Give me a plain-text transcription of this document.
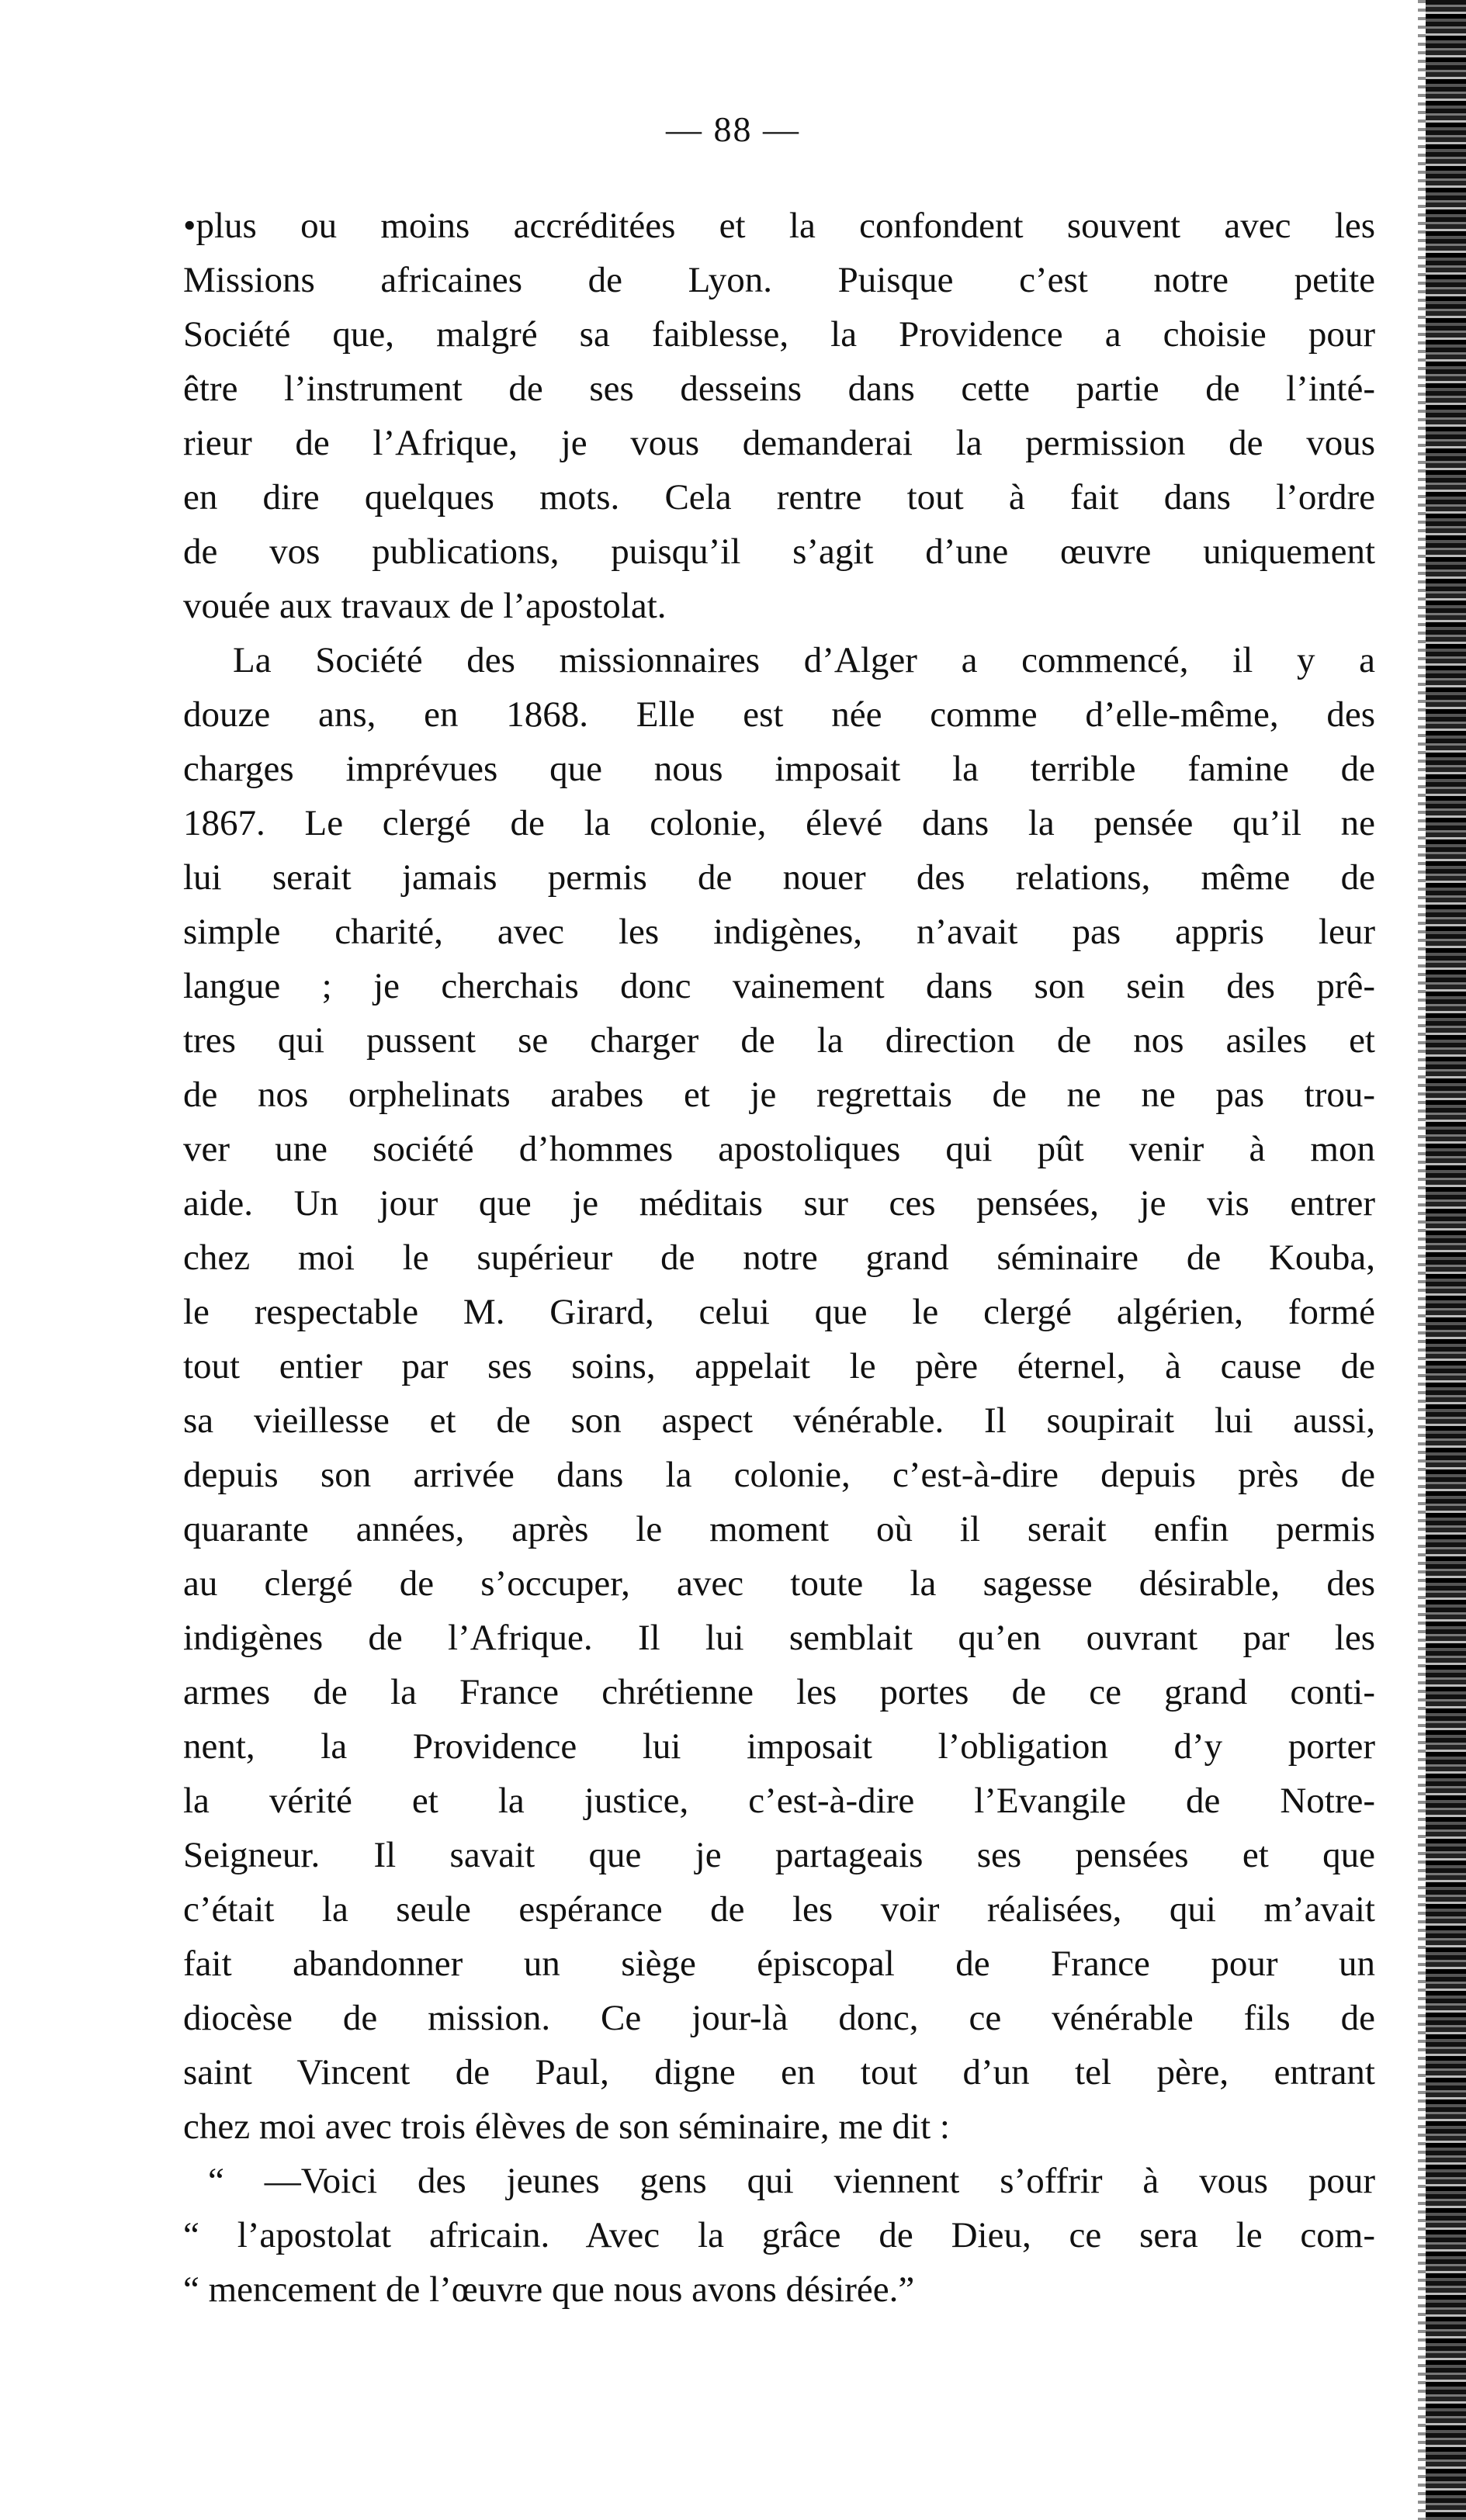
— 88 —
•plus ou moins accréditées et la confondent souvent avec les
Missions africaines de Lyon. Puisque c’est notre petite
Société que, malgré sa faiblesse, la Providence a choisie pour
être l’instrument de ses desseins dans cette partie de l’inté-
rieur de l’Afrique, je vous demanderai la permission de vous
en dire quelques mots. Cela rentre tout à fait dans l’ordre
de vos publications, puisqu’il s’agit d’une œuvre uniquement
vouée aux travaux de l’apostolat.
La Société des missionnaires d’Alger a commencé, il y a
douze ans, en 1868. Elle est née comme d’elle-même, des
charges imprévues que nous imposait la terrible famine de
1867. Le clergé de la colonie, élevé dans la pensée qu’il ne
lui serait jamais permis de nouer des relations, même de
simple charité, avec les indigènes, n’avait pas appris leur
langue ; je cherchais donc vainement dans son sein des prê-
tres qui pussent se charger de la direction de nos asiles et
de nos orphelinats arabes et je regrettais de ne ne pas trou-
ver une société d’hommes apostoliques qui pût venir à mon
aide. Un jour que je méditais sur ces pensées, je vis entrer
chez moi le supérieur de notre grand séminaire de Kouba,
le respectable M. Girard, celui que le clergé algérien, formé
tout entier par ses soins, appelait le père éternel, à cause de
sa vieillesse et de son aspect vénérable. Il soupirait lui aussi,
depuis son arrivée dans la colonie, c’est-à-dire depuis près de
quarante années, après le moment où il serait enfin permis
au clergé de s’occuper, avec toute la sagesse désirable, des
indigènes de l’Afrique. Il lui semblait qu’en ouvrant par les
armes de la France chrétienne les portes de ce grand conti-
nent, la Providence lui imposait l’obligation d’y porter
la vérité et la justice, c’est-à-dire l’Evangile de Notre-
Seigneur. Il savait que je partageais ses pensées et que
c’était la seule espérance de les voir réalisées, qui m’avait
fait abandonner un siège épiscopal de France pour un
diocèse de mission. Ce jour-là donc, ce vénérable fils de
saint Vincent de Paul, digne en tout d’un tel père, entrant
chez moi avec trois élèves de son séminaire, me dit :
“ —Voici des jeunes gens qui viennent s’offrir à vous pour
“ l’apostolat africain. Avec la grâce de Dieu, ce sera le com-
“ mencement de l’œuvre que nous avons désirée.”
